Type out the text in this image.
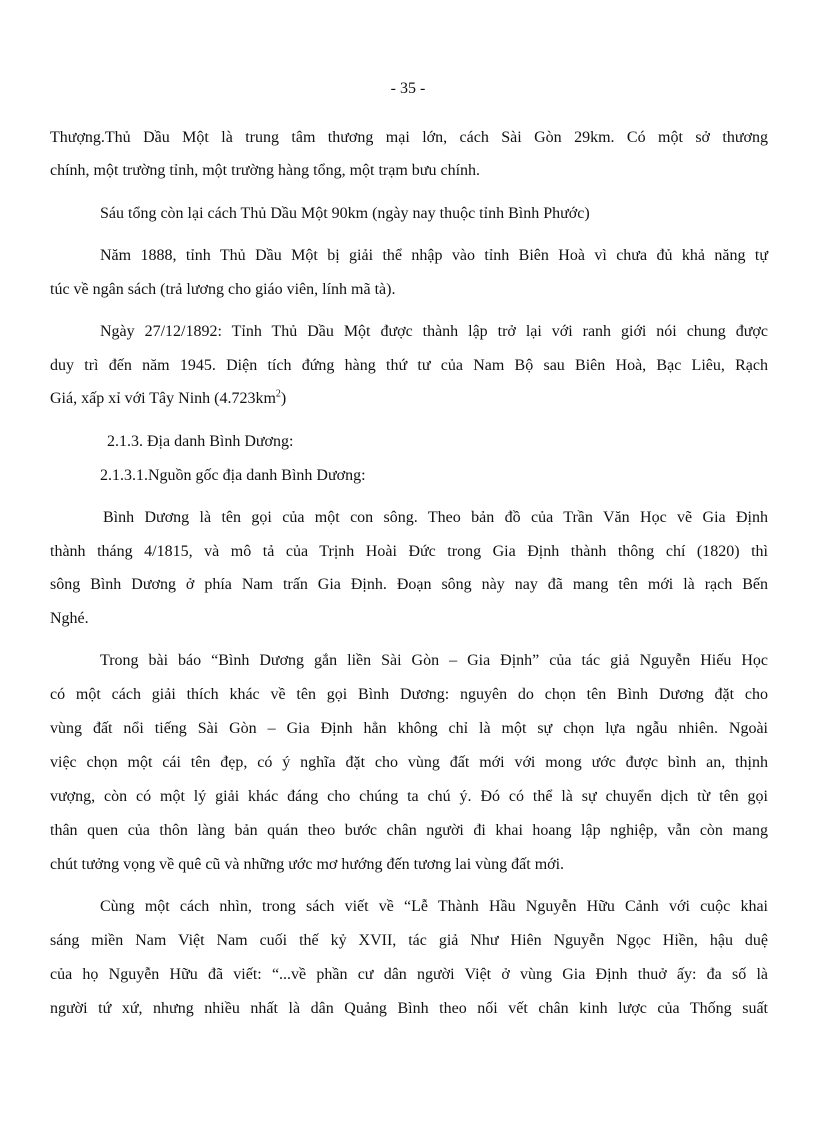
- 35 -
Thượng.Thủ Dầu Một là trung tâm thương mại lớn, cách Sài Gòn 29km. Có một sở thương
chính, một trường tỉnh, một trường hàng tổng, một trạm bưu chính.
Sáu tổng còn lại cách Thủ Dầu Một 90km (ngày nay thuộc tỉnh Bình Phước)
Năm 1888, tỉnh Thủ Dầu Một bị giải thể nhập vào tỉnh Biên Hoà vì chưa đủ khả năng tự
túc về ngân sách (trả lương cho giáo viên, lính mã tà).
Ngày 27/12/1892: Tỉnh Thủ Dầu Một được thành lập trở lại với ranh giới nói chung được
duy trì đến năm 1945. Diện tích đứng hàng thứ tư của Nam Bộ sau Biên Hoà, Bạc Liêu, Rạch
Giá, xấp xỉ với Tây Ninh $(4.723km^2)$
2.1.3. Địa danh Bình Dương:
2.1.3.1.Nguồn gốc địa danh Bình Dương:
Bình Dương là tên gọi của một con sông. Theo bản đồ của Trần Văn Học vẽ Gia Định
thành tháng 4/1815, và mô tả của Trịnh Hoài Đức trong Gia Định thành thông chí (1820) thì
sông Bình Dương ở phía Nam trấn Gia Định. Đoạn sông này nay đã mang tên mới là rạch Bến
Nghé.
Trong bài báo “Bình Dương gắn liền Sài Gòn – Gia Định” của tác giả Nguyễn Hiếu Học
có một cách giải thích khác về tên gọi Bình Dương: nguyên do chọn tên Bình Dương đặt cho
vùng đất nổi tiếng Sài Gòn – Gia Định hẳn không chỉ là một sự chọn lựa ngẫu nhiên. Ngoài
việc chọn một cái tên đẹp, có ý nghĩa đặt cho vùng đất mới với mong ước được bình an, thịnh
vượng, còn có một lý giải khác đáng cho chúng ta chú ý. Đó có thể là sự chuyển dịch từ tên gọi
thân quen của thôn làng bản quán theo bước chân người đi khai hoang lập nghiệp, vẫn còn mang
chút tưởng vọng về quê cũ và những ước mơ hướng đến tương lai vùng đất mới.
Cùng một cách nhìn, trong sách viết về “Lễ Thành Hầu Nguyễn Hữu Cảnh với cuộc khai
sáng miền Nam Việt Nam cuối thế kỷ XVII, tác giả Như Hiên Nguyễn Ngọc Hiền, hậu duệ
của họ Nguyễn Hữu đã viết: “...về phần cư dân người Việt ở vùng Gia Định thuở ấy: đa số là
người tứ xứ, nhưng nhiều nhất là dân Quảng Bình theo nối vết chân kinh lược của Thống suất
